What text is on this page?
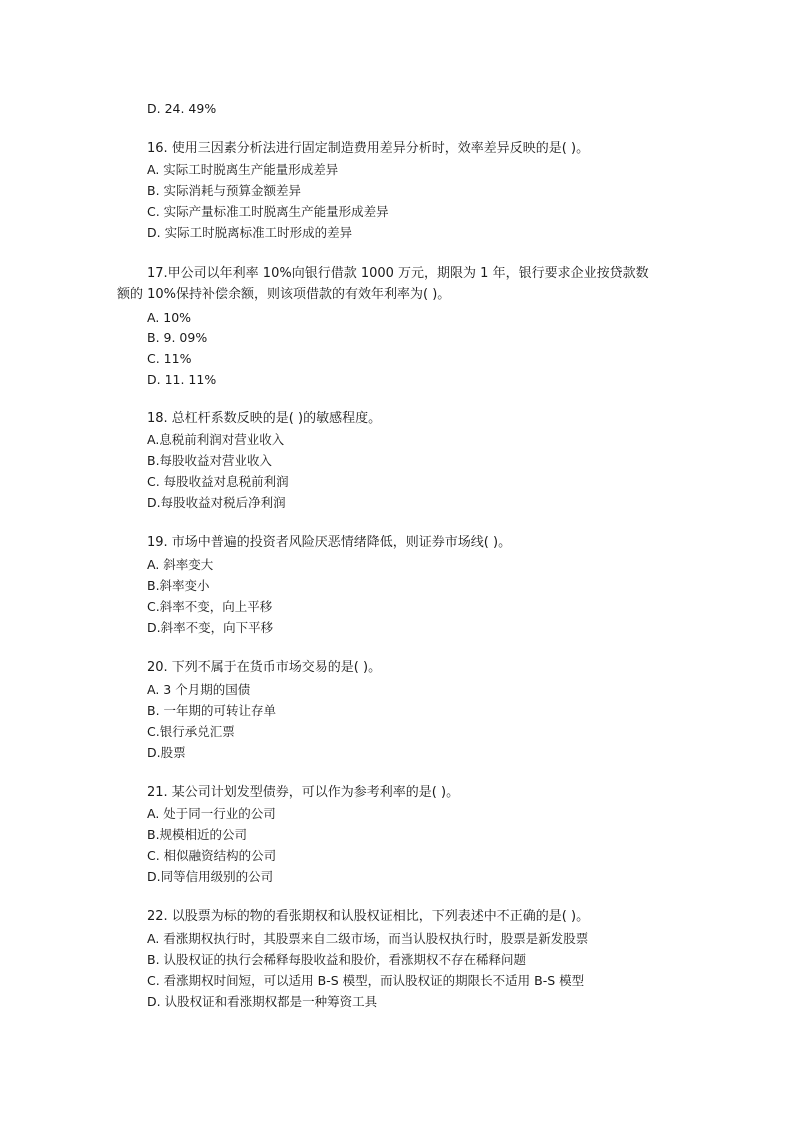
D. 24. 49%
16. 使用三因素分析法进行固定制造费用差异分析时，效率差异反映的是( )。
A. 实际工时脱离生产能量形成差异
B. 实际消耗与预算金额差异
C. 实际产量标准工时脱离生产能量形成差异
D. 实际工时脱离标准工时形成的差异
17.甲公司以年利率 10%向银行借款 1000 万元，期限为 1 年，银行要求企业按贷款数
额的 10%保持补偿余额，则该项借款的有效年利率为( )。
A. 10%
B. 9. 09%
C. 11%
D. 11. 11%
18. 总杠杆系数反映的是( )的敏感程度。
A.息税前利润对营业收入
B.每股收益对营业收入
C. 每股收益对息税前利润
D.每股收益对税后净利润
19. 市场中普遍的投资者风险厌恶情绪降低，则证券市场线( )。
A. 斜率变大
B.斜率变小
C.斜率不变，向上平移
D.斜率不变，向下平移
20. 下列不属于在货币市场交易的是( )。
A. 3 个月期的国债
B. 一年期的可转让存单
C.银行承兑汇票
D.股票
21. 某公司计划发型债券，可以作为参考利率的是( )。
A. 处于同一行业的公司
B.规模相近的公司
C. 相似融资结构的公司
D.同等信用级别的公司
22. 以股票为标的物的看张期权和认股权证相比，下列表述中不正确的是( )。
A. 看涨期权执行时，其股票来自二级市场，而当认股权执行时，股票是新发股票
B. 认股权证的执行会稀释每股收益和股价，看涨期权不存在稀释问题
C. 看涨期权时间短，可以适用 B-S 模型，而认股权证的期限长不适用 B-S 模型
D. 认股权证和看涨期权都是一种筹资工具
